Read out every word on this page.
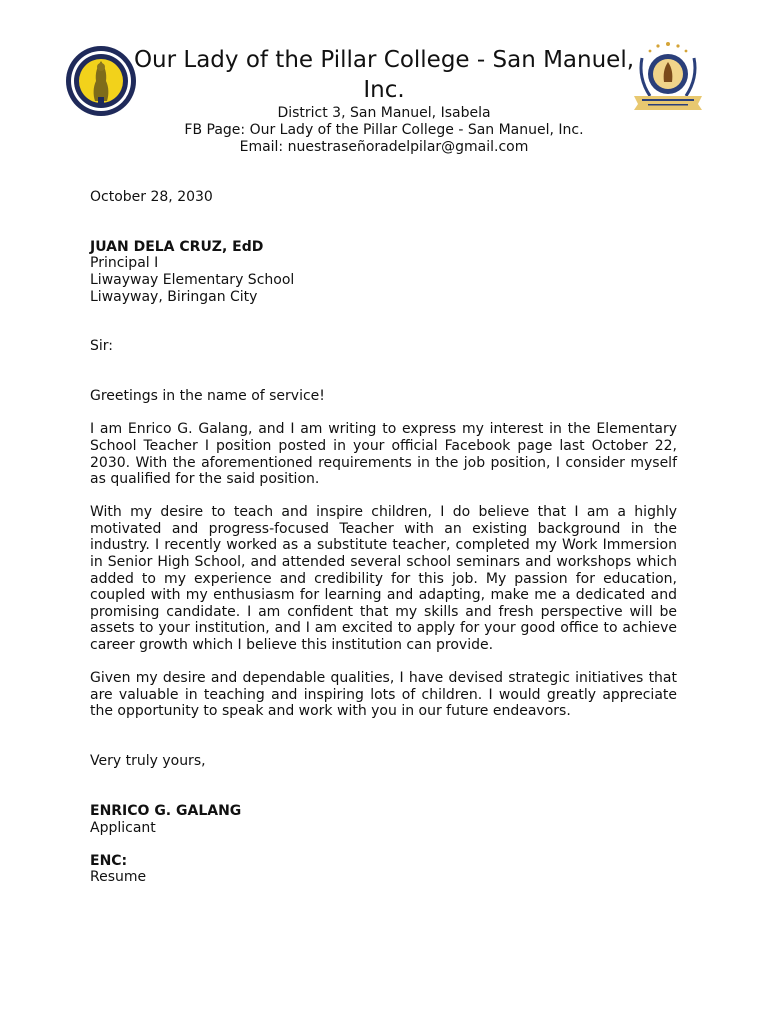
Our Lady of the Pillar College - San Manuel, Inc.

District 3, San Manuel, Isabela

FB Page: Our Lady of the Pillar College - San Manuel, Inc.

Email: nuestraseñoradelpilar@gmail.com

October 28, 2030

JUAN DELA CRUZ, EdD

Principal I

Liwayway Elementary School

Liwayway, Biringan City

Sir:

Greetings in the name of service!

I am Enrico G. Galang, and I am writing to express my interest in the Elementary School Teacher I position posted in your official Facebook page last October 22, 2030. With the aforementioned requirements in the job position, I consider myself as qualified for the said position.

With my desire to teach and inspire children, I do believe that I am a highly motivated and progress-focused Teacher with an existing background in the industry. I recently worked as a substitute teacher, completed my Work Immersion in Senior High School, and attended several school seminars and workshops which added to my experience and credibility for this job. My passion for education, coupled with my enthusiasm for learning and adapting, make me a dedicated and promising candidate. I am confident that my skills and fresh perspective will be assets to your institution, and I am excited to apply for your good office to achieve career growth which I believe this institution can provide.

Given my desire and dependable qualities, I have devised strategic initiatives that are valuable in teaching and inspiring lots of children. I would greatly appreciate the opportunity to speak and work with you in our future endeavors.

Very truly yours,

ENRICO G. GALANG

Applicant

ENC:

Resume
